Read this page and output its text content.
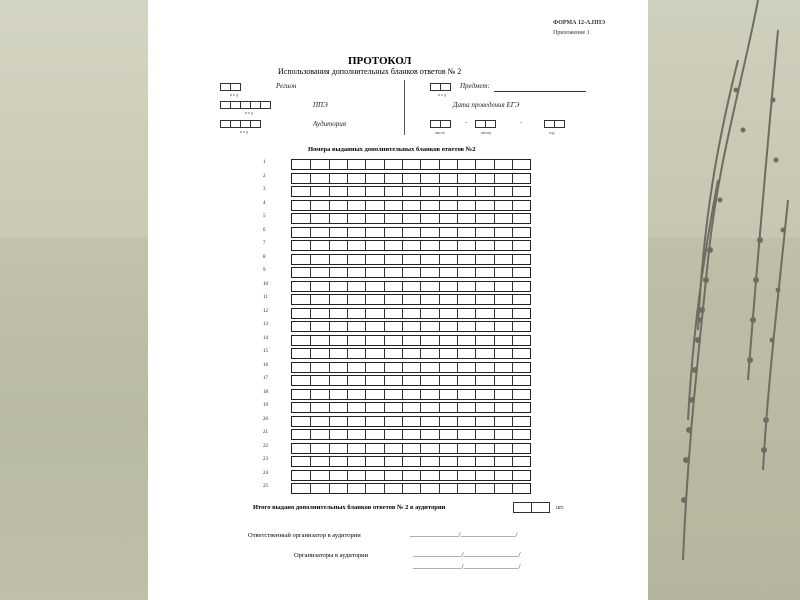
ФОРМА 12-А.ППЭ
Приложение 1
ПРОТОКОЛ
Использования дополнительных бланков ответов № 2
к о д
Регион
к о д
ППЭ
к о д
Аудитория
к о д
Предмет:
Дата проведения ЕГЭ
число
-
месяц
-
год
Номера выданных дополнительных бланков ответов №2
1
2
3
4
5
6
7
8
9
10
11
12
13
14
15
16
17
18
19
20
21
22
23
24
25
Итого выдано дополнительных бланков ответов № 2 в аудитории	шт.
Ответственный организатор в аудитории	_______________/_________________/
Организаторы в аудитории	_______________/_________________/
_______________/_________________/
